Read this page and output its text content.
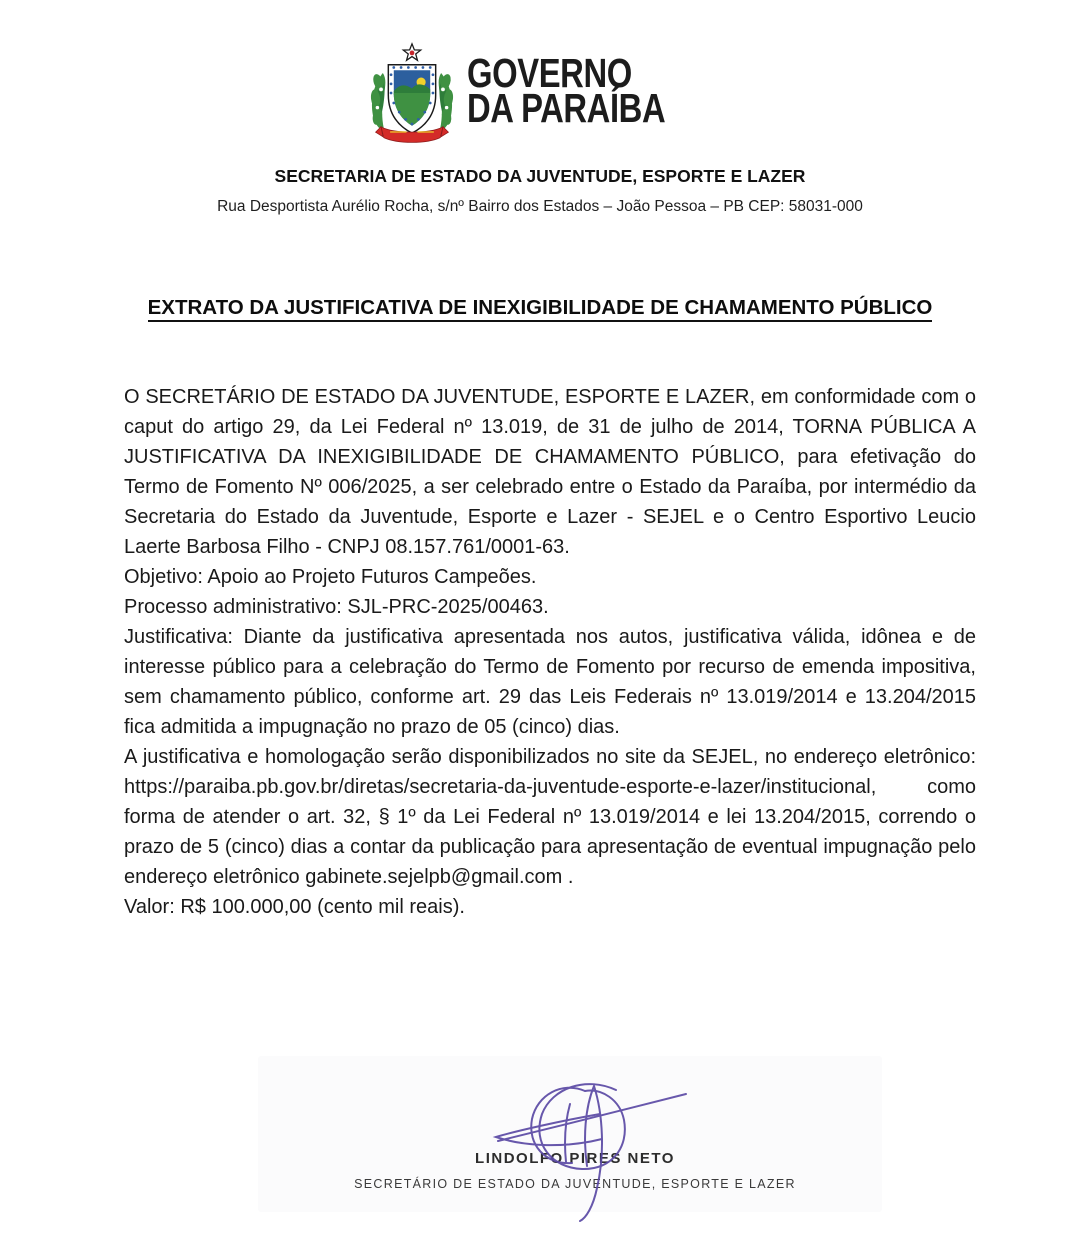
GOVERNO
DA PARAÍBA
SECRETARIA DE ESTADO DA JUVENTUDE, ESPORTE E LAZER
Rua Desportista Aurélio Rocha, s/nº Bairro dos Estados – João Pessoa – PB CEP: 58031-000
EXTRATO DA JUSTIFICATIVA DE INEXIGIBILIDADE DE CHAMAMENTO PÚBLICO

O SECRETÁRIO DE ESTADO DA JUVENTUDE, ESPORTE E LAZER, em conformidade com o caput do artigo 29, da Lei Federal nº 13.019, de 31 de julho de 2014, TORNA PÚBLICA A JUSTIFICATIVA DA INEXIGIBILIDADE DE CHAMAMENTO PÚBLICO, para efetivação do Termo de Fomento Nº 006/2025, a ser celebrado entre o Estado da Paraíba, por intermédio da Secretaria do Estado da Juventude, Esporte e Lazer - SEJEL e o Centro Esportivo Leucio Laerte Barbosa Filho - CNPJ 08.157.761/0001-63.

Objetivo: Apoio ao Projeto Futuros Campeões.

Processo administrativo: SJL-PRC-2025/00463.

Justificativa: Diante da justificativa apresentada nos autos, justificativa válida, idônea e de interesse público para a celebração do Termo de Fomento por recurso de emenda impositiva, sem chamamento público, conforme art. 29 das Leis Federais nº 13.019/2014 e 13.204/2015 fica admitida a impugnação no prazo de 05 (cinco) dias.

A justificativa e homologação serão disponibilizados no site da SEJEL, no endereço eletrônico: https://paraiba.pb.gov.br/diretas/secretaria-da-juventude-esporte-e-lazer/institucional, como forma de atender o art. 32, § 1º da Lei Federal nº 13.019/2014 e lei 13.204/2015, correndo o prazo de 5 (cinco) dias a contar da publicação para apresentação de eventual impugnação pelo endereço eletrônico gabinete.sejelpb@gmail.com .

Valor: R$ 100.000,00 (cento mil reais).

LINDOLFO PIRES NETO
SECRETÁRIO DE ESTADO DA JUVENTUDE, ESPORTE E LAZER
